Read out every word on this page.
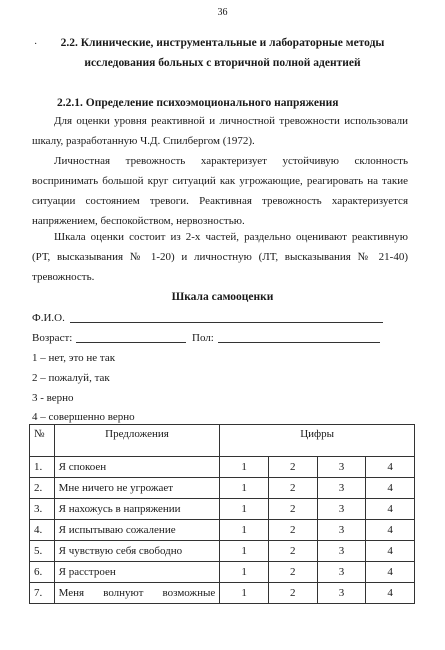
36
·	2.2. Клинические, инструментальные и лабораторные методы
исследования больных с вторичной полной адентией
2.2.1. Определение психоэмоционального напряжения

Для оценки уровня реактивной и личностной тревожности использовали шкалу, разработанную Ч.Д. Спилбергом (1972).

Личностная тревожность характеризует устойчивую склонность воспринимать большой круг ситуаций как угрожающие, реагировать на такие ситуации состоянием тревоги. Реактивная тревожность характеризуется напряжением, беспокойством, нервозностью.

Шкала оценки состоит из 2-х частей, раздельно оценивают реактивную (РТ, высказывания № 1-20) и личностную (ЛТ, высказывания № 21-40) тревожность.

Шкала самооценки
Ф.И.О.
Возраст:	Пол:
1 – нет, это не так
2 – пожалуй, так
3 - верно
4 – совершенно верно
№	Предложения	Цифры			
1.	Я спокоен	1	2	3	4
2.	Мне ничего не угрожает	1	2	3	4
3.	Я нахожусь в напряжении	1	2	3	4
4.	Я испытываю сожаление	1	2	3	4
5.	Я чувствую себя свободно	1	2	3	4
6.	Я расстроен	1	2	3	4
7.	Меня волнуют возможные	1	2	3	4
